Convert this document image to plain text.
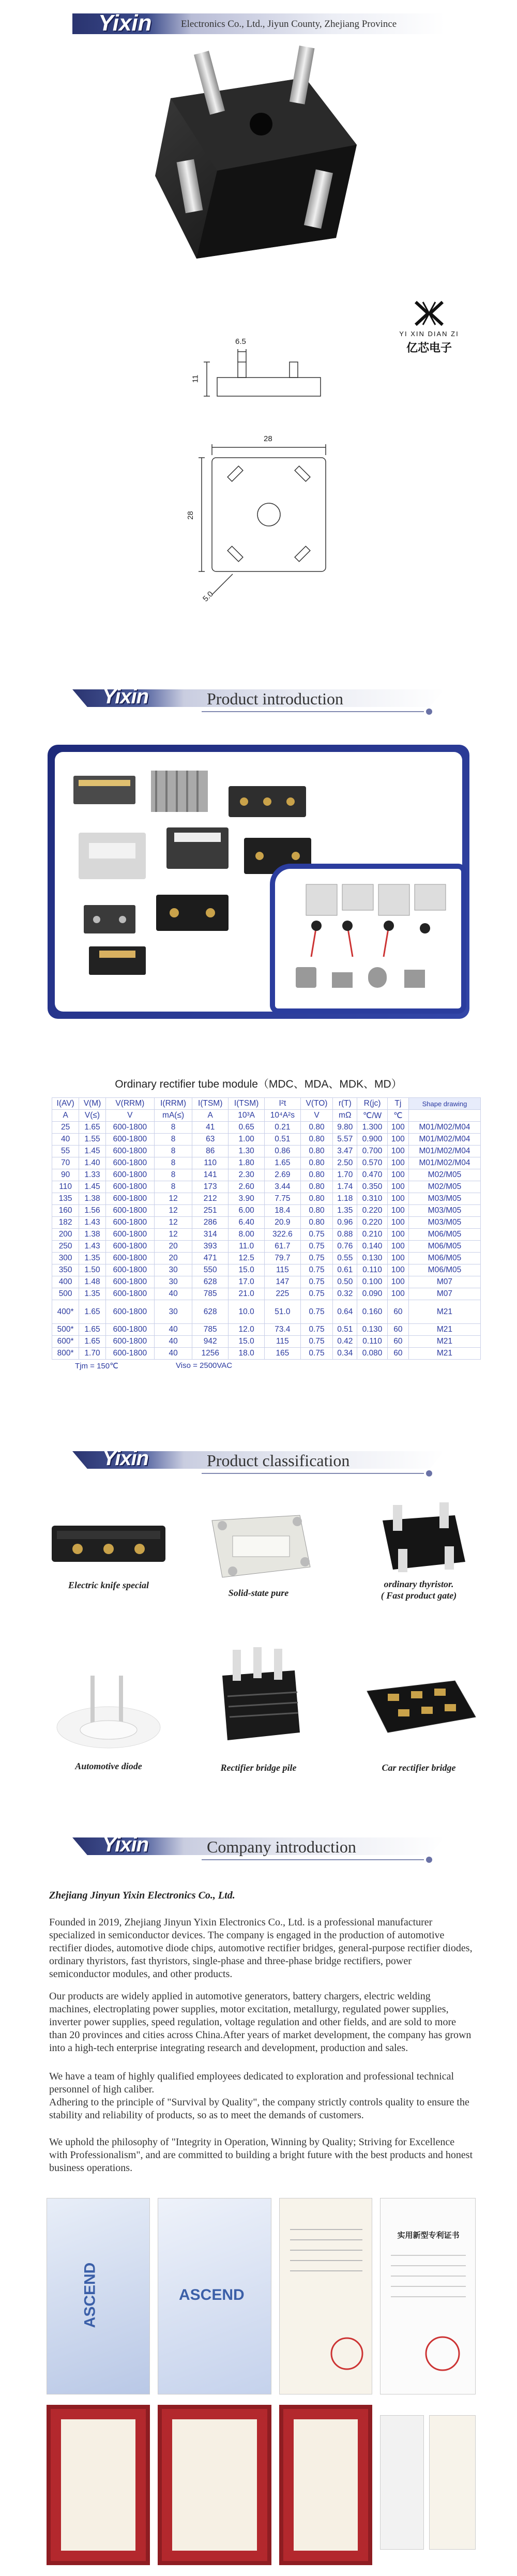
Yixin	Electronics Co., Ltd., Jiyun County, Zhejiang Province
YI XIN DIAN ZI
亿芯电子
6.5
11
28
28
5.0
Yixin	Product introduction
Ordinary rectifier tube module（MDC、MDA、MDK、MD）
I(AV)	V(M)	V(RRM)	I(RRM)	I(TSM)	I(TSM)	I²t	V(TO)	r(T)	R(jc)	Tj	Shape drawing
A	V(≤)	V	mA(≤)	A	10³A	10⁴A²s	V	mΩ	℃/W	℃	
25	1.65	600-1800	8	41	0.65	0.21	0.80	9.80	1.300	100	M01/M02/M04
40	1.55	600-1800	8	63	1.00	0.51	0.80	5.57	0.900	100	M01/M02/M04
55	1.45	600-1800	8	86	1.30	0.86	0.80	3.47	0.700	100	M01/M02/M04
70	1.40	600-1800	8	110	1.80	1.65	0.80	2.50	0.570	100	M01/M02/M04
90	1.33	600-1800	8	141	2.30	2.69	0.80	1.70	0.470	100	M02/M05
110	1.45	600-1800	8	173	2.60	3.44	0.80	1.74	0.350	100	M02/M05
135	1.38	600-1800	12	212	3.90	7.75	0.80	1.18	0.310	100	M03/M05
160	1.56	600-1800	12	251	6.00	18.4	0.80	1.35	0.220	100	M03/M05
182	1.43	600-1800	12	286	6.40	20.9	0.80	0.96	0.220	100	M03/M05
200	1.38	600-1800	12	314	8.00	322.6	0.75	0.88	0.210	100	M06/M05
250	1.43	600-1800	20	393	11.0	61.7	0.75	0.76	0.140	100	M06/M05
300	1.35	600-1800	20	471	12.5	79.7	0.75	0.55	0.130	100	M06/M05
350	1.50	600-1800	30	550	15.0	115	0.75	0.61	0.110	100	M06/M05
400	1.48	600-1800	30	628	17.0	147	0.75	0.50	0.100	100	M07
500	1.35	600-1800	40	785	21.0	225	0.75	0.32	0.090	100	M07
400*	1.65	600-1800	30	628	10.0	51.0	0.75	0.64	0.160	60	M21
500*	1.65	600-1800	40	785	12.0	73.4	0.75	0.51	0.130	60	M21
600*	1.65	600-1800	40	942	15.0	115	0.75	0.42	0.110	60	M21
800*	1.70	600-1800	40	1256	18.0	165	0.75	0.34	0.080	60	M21
Tjm = 150℃	Viso = 2500VAC
Yixin	Product classification
Electric knife special
Solid-state pure
ordinary thyristor.
( Fast product gate)
Automotive diode	Rectifier bridge pile	Car rectifier bridge
Yixin	Company introduction
Zhejiang Jinyun Yixin Electronics Co., Ltd.
Founded in 2019, Zhejiang Jinyun Yixin Electronics Co., Ltd. is a professional manufacturer specialized in semiconductor devices. The company is engaged in the production of automotive rectifier diodes, automotive diode chips, automotive rectifier bridges, general-purpose rectifier diodes, ordinary thyristors, fast thyristors, single-phase and three-phase bridge rectifiers, power semiconductor modules, and other products.
Our products are widely applied in automotive generators, battery chargers, electric welding machines, electroplating power supplies, motor excitation, metallurgy, regulated power supplies, inverter power supplies, speed regulation, voltage regulation and other fields, and are sold to more than 20 provinces and cities across China.After years of market development, the company has grown into a high-tech enterprise integrating research and development, production and sales.
We have a team of highly qualified employees dedicated to exploration and professional technical personnel of high caliber.
Adhering to the principle of "Survival by Quality", the company strictly controls quality to ensure the stability and reliability of products, so as to meet the demands of customers.
We uphold the philosophy of "Integrity in Operation, Winning by Quality; Striving for Excellence with Professionalism", and are committed to building a bright future with the best products and honest business operations.
ASCEND	ASCEND
实用新型专利证书
